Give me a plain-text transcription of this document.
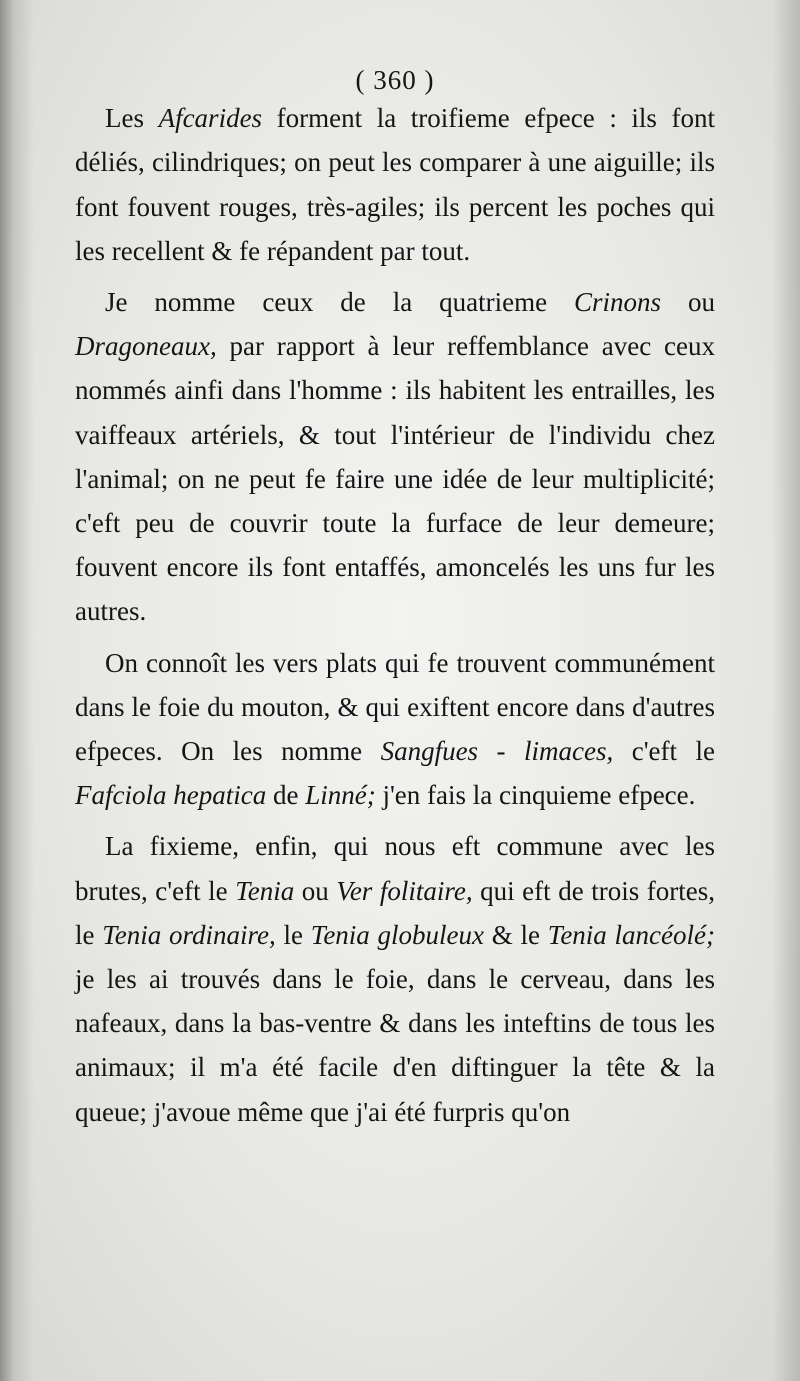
( 360 )

Les Afcarides forment la troifieme efpece : ils font déliés, cilindriques; on peut les comparer à une aiguille; ils font fouvent rouges, très-agiles; ils percent les poches qui les recellent & fe répandent par tout.

Je nomme ceux de la quatrieme Crinons ou Dragoneaux, par rapport à leur reffemblance avec ceux nommés ainfi dans l'homme : ils habitent les entrailles, les vaiffeaux artériels, & tout l'intérieur de l'individu chez l'animal; on ne peut fe faire une idée de leur multiplicité; c'eft peu de couvrir toute la furface de leur demeure; fouvent encore ils font entaffés, amoncelés les uns fur les autres.

On connoît les vers plats qui fe trouvent communément dans le foie du mouton, & qui exiftent encore dans d'autres efpeces. On les nomme Sangfues - limaces, c'eft le Fafciola hepatica de Linné; j'en fais la cinquieme efpece.

La fixieme, enfin, qui nous eft commune avec les brutes, c'eft le Tenia ou Ver folitaire, qui eft de trois fortes, le Tenia ordinaire, le Tenia globuleux & le Tenia lancéolé; je les ai trouvés dans le foie, dans le cerveau, dans les nafeaux, dans la bas-ventre & dans les inteftins de tous les animaux; il m'a été facile d'en diftinguer la tête & la queue; j'avoue même que j'ai été furpris qu'on
